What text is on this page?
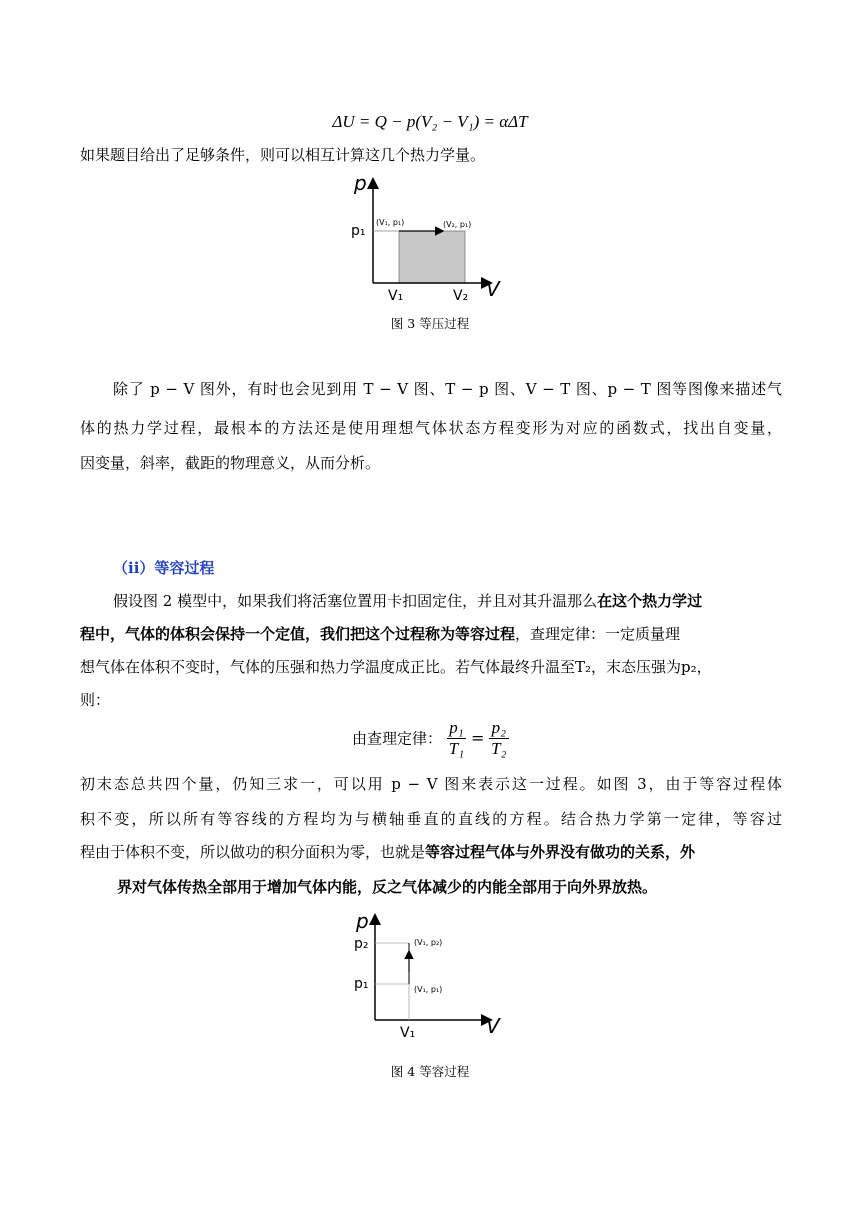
ΔU = Q − p(V₂ − V₁) = αΔT
如果题目给出了足够条件，则可以相互计算这几个热力学量。
p
V
p₁
V₁	V₂
(V₁, p₁)	(V₂, p₁)
图 3 等压过程
除了 p − V 图外，有时也会见到用 T − V 图、T − p 图、V − T 图、p − T 图等图像来描述气
体的热力学过程，最根本的方法还是使用理想气体状态方程变形为对应的函数式，找出自变量，
因变量，斜率，截距的物理意义，从而分析。
（ii）等容过程
假设图 2 模型中，如果我们将活塞位置用卡扣固定住，并且对其升温那么在这个热力学过
程中，气体的体积会保持一个定值，我们把这个过程称为等容过程，查理定律：一定质量理
想气体在体积不变时，气体的压强和热力学温度成正比。若气体最终升温至T₂，末态压强为p₂，
则：
由查理定律： $\frac{\text{p₁}}{\text{T₁}} = \frac{\text{p₂}}{\text{T₂}}$
初末态总共四个量，仍知三求一，可以用 p − V 图来表示这一过程。如图 3，由于等容过程体
积不变，所以所有等容线的方程均为与横轴垂直的直线的方程。结合热力学第一定律，等容过
程由于体积不变，所以做功的积分面积为零，也就是等容过程气体与外界没有做功的关系，外
界对气体传热全部用于增加气体内能，反之气体减少的内能全部用于向外界放热。
p
V
p₂
p₁
V₁
(V₁, p₂)
(V₁, p₁)
图 4 等容过程
